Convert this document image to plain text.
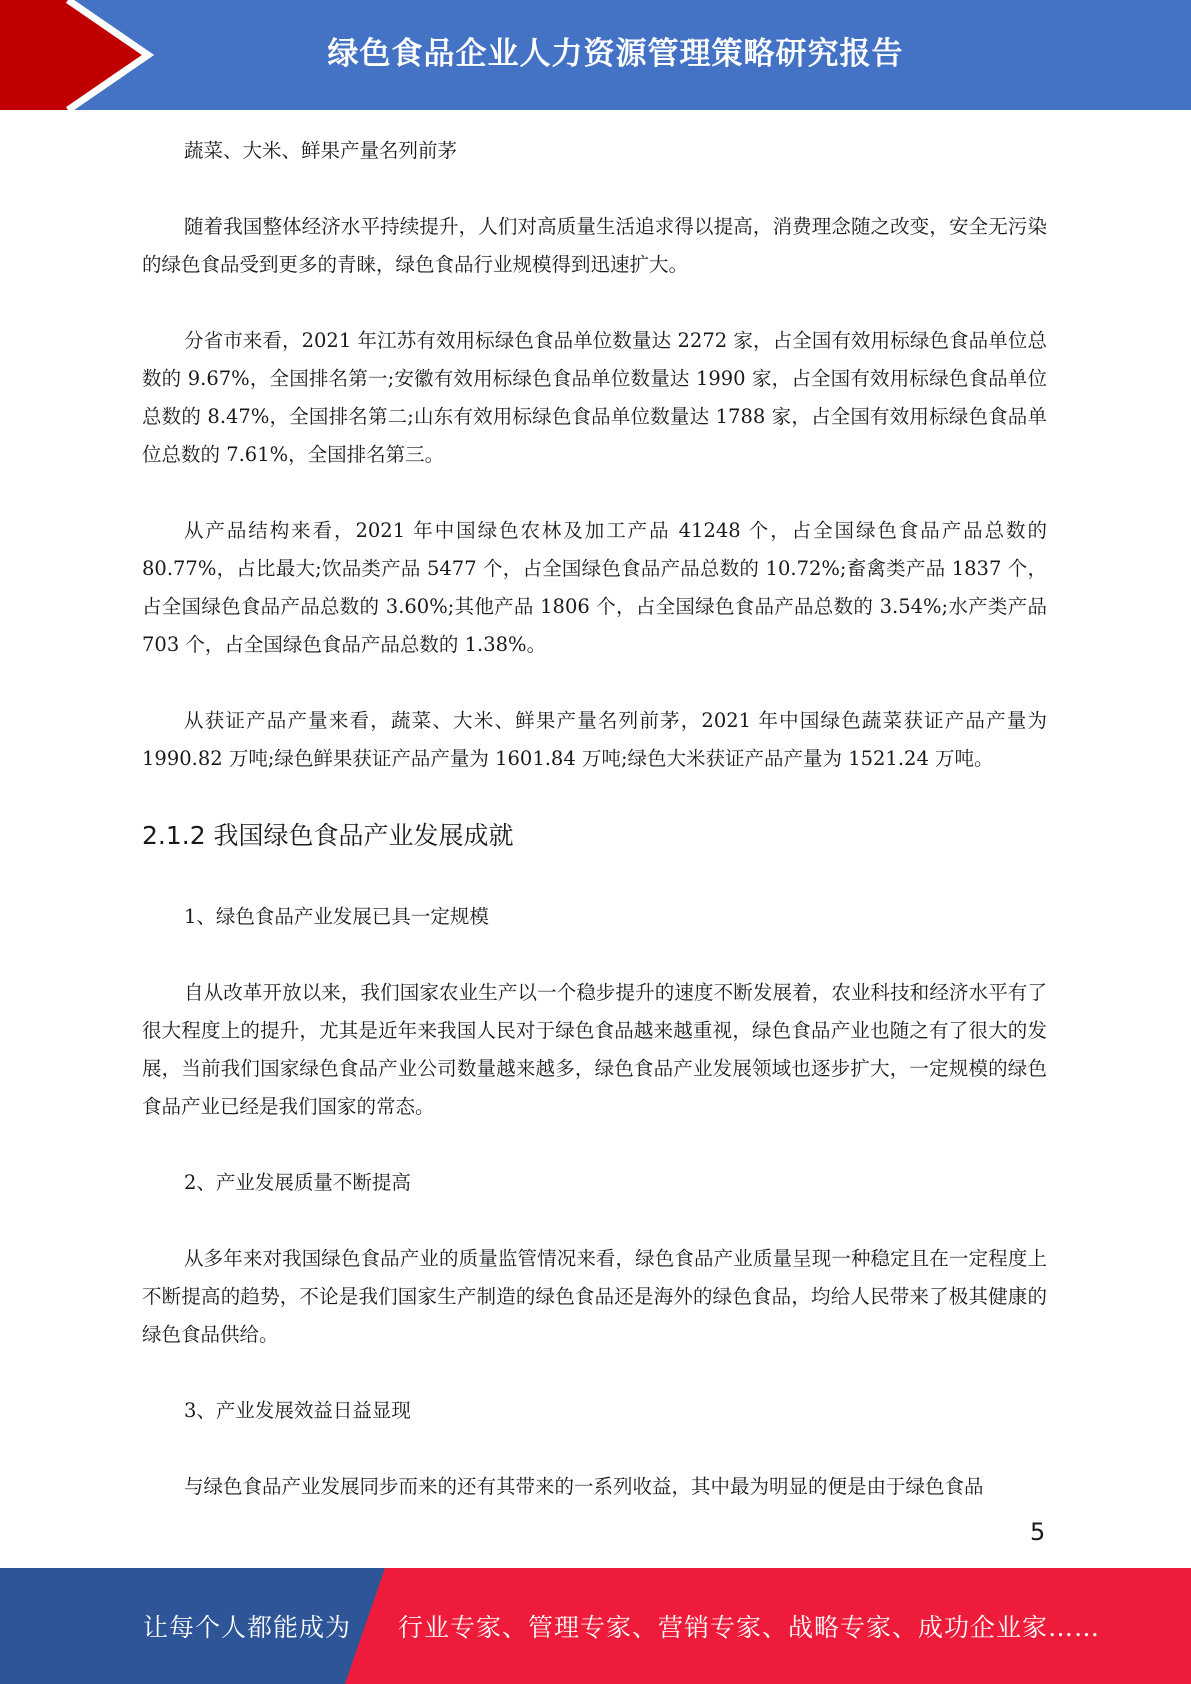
绿色食品企业人力资源管理策略研究报告

蔬菜、大米、鲜果产量名列前茅

随着我国整体经济水平持续提升，人们对高质量生活追求得以提高，消费理念随之改变，安全无污染的绿色食品受到更多的青睐，绿色食品行业规模得到迅速扩大。

分省市来看，2021 年江苏有效用标绿色食品单位数量达 2272 家，占全国有效用标绿色食品单位总数的 9.67%，全国排名第一;安徽有效用标绿色食品单位数量达 1990 家，占全国有效用标绿色食品单位总数的 8.47%，全国排名第二;山东有效用标绿色食品单位数量达 1788 家，占全国有效用标绿色食品单位总数的 7.61%，全国排名第三。

从产品结构来看，2021 年中国绿色农林及加工产品 41248 个，占全国绿色食品产品总数的 80.77%，占比最大;饮品类产品 5477 个，占全国绿色食品产品总数的 10.72%;畜禽类产品 1837 个，占全国绿色食品产品总数的 3.60%;其他产品 1806 个，占全国绿色食品产品总数的 3.54%;水产类产品 703 个，占全国绿色食品产品总数的 1.38%。

从获证产品产量来看，蔬菜、大米、鲜果产量名列前茅，2021 年中国绿色蔬菜获证产品产量为 1990.82 万吨;绿色鲜果获证产品产量为 1601.84 万吨;绿色大米获证产品产量为 1521.24 万吨。

2.1.2 我国绿色食品产业发展成就

1、绿色食品产业发展已具一定规模

自从改革开放以来，我们国家农业生产以一个稳步提升的速度不断发展着，农业科技和经济水平有了很大程度上的提升，尤其是近年来我国人民对于绿色食品越来越重视，绿色食品产业也随之有了很大的发展，当前我们国家绿色食品产业公司数量越来越多，绿色食品产业发展领域也逐步扩大，一定规模的绿色食品产业已经是我们国家的常态。

2、产业发展质量不断提高

从多年来对我国绿色食品产业的质量监管情况来看，绿色食品产业质量呈现一种稳定且在一定程度上不断提高的趋势，不论是我们国家生产制造的绿色食品还是海外的绿色食品，均给人民带来了极其健康的绿色食品供给。

3、产业发展效益日益显现

与绿色食品产业发展同步而来的还有其带来的一系列收益，其中最为明显的便是由于绿色食品

5
让每个人都能成为 行业专家、管理专家、营销专家、战略专家、成功企业家……
